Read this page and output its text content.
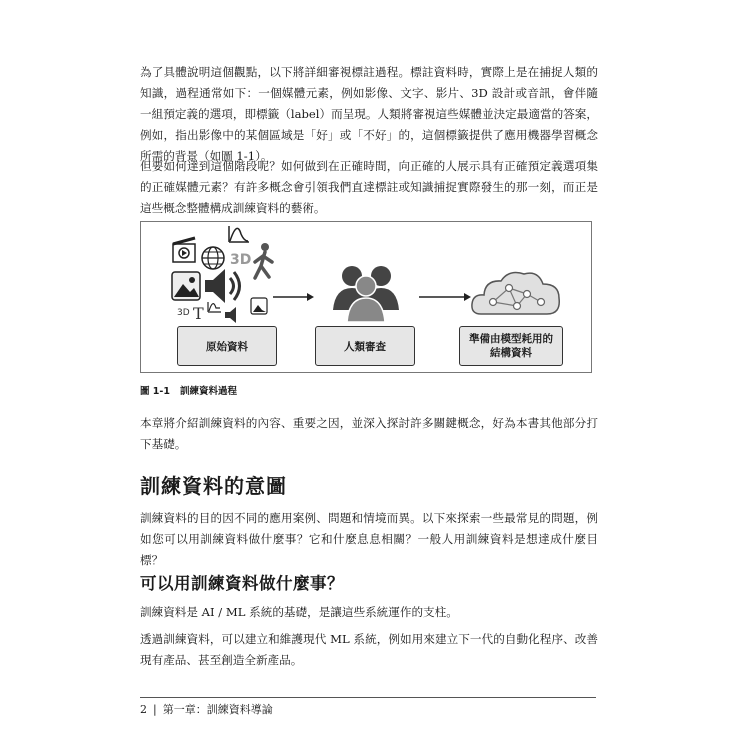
為了具體說明這個觀點，以下將詳細審視標註過程。標註資料時，實際上是在捕捉人類的知識，過程通常如下：一個媒體元素，例如影像、文字、影片、3D 設計或音訊，會伴隨一組預定義的選項，即標籤（label）而呈現。人類將審視這些媒體並決定最適當的答案，例如，指出影像中的某個區域是「好」或「不好」的，這個標籤提供了應用機器學習概念所需的背景（如圖 1-1）。

但要如何達到這個階段呢？如何做到在正確時間，向正確的人展示具有正確預定義選項集的正確媒體元素？有許多概念會引領我們直達標註或知識捕捉實際發生的那一刻，而正是這些概念整體構成訓練資料的藝術。

3D
3D T
原始資料	人類審查
準備由模型耗用的
結構資料
圖 1-1 訓練資料過程

本章將介紹訓練資料的內容、重要之因，並深入探討許多關鍵概念，好為本書其他部分打下基礎。

訓練資料的意圖

訓練資料的目的因不同的應用案例、問題和情境而異。以下來探索一些最常見的問題，例如您可以用訓練資料做什麼事？它和什麼息息相關？一般人用訓練資料是想達成什麼目標？

可以用訓練資料做什麼事？

訓練資料是 AI / ML 系統的基礎，是讓這些系統運作的支柱。

透過訓練資料，可以建立和維護現代 ML 系統，例如用來建立下一代的自動化程序、改善現有產品、甚至創造全新產品。

2 | 第一章：訓練資料導論
